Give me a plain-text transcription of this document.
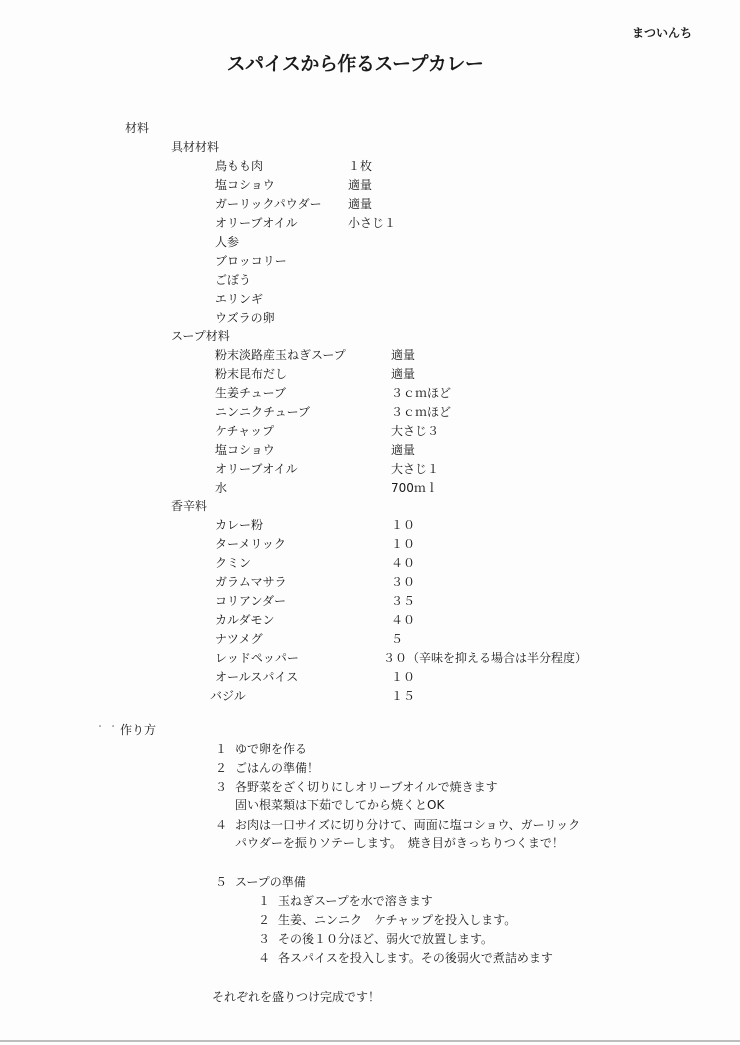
まついんち
スパイスから作るスープカレー
材料
具材材料
鳥もも肉	１枚
塩コショウ	適量
ガーリックパウダー 適量
オリーブオイル	小さじ１
人参
ブロッコリー
ごぼう
エリンギ
ウズラの卵
スープ材料
粉末淡路産玉ねぎスープ	適量
粉末昆布だし	適量
生姜チューブ	３ｃｍほど
ニンニクチューブ	３ｃｍほど
ケチャップ	大さじ３
塩コショウ	適量
オリーブオイル	大さじ１
水	700ｍｌ
香辛料
カレー粉	１０
ターメリック	１０
クミン	４０
ガラムマサラ	３０
コリアンダー	３５
カルダモン	４０
ナツメグ	５
レッドペッパー	３０（辛味を抑える場合は半分程度）
オールスパイス	１０
バジル	１５
・ ・ 作り方
１ ゆで卵を作る
２ ごはんの準備！
３ 各野菜をざく切りにしオリーブオイルで焼きます
固い根菜類は下茹でしてから焼くとOK
４ お肉は一口サイズに切り分けて、両面に塩コショウ、ガーリック
パウダーを振りソテーします。　焼き目がきっちりつくまで！
５ スープの準備
１ 玉ねぎスープを水で溶きます
２ 生姜、ニンニク　ケチャップを投入します。
３ その後１０分ほど、弱火で放置します。
４ 各スパイスを投入します。その後弱火で煮詰めます
それぞれを盛りつけ完成です！
